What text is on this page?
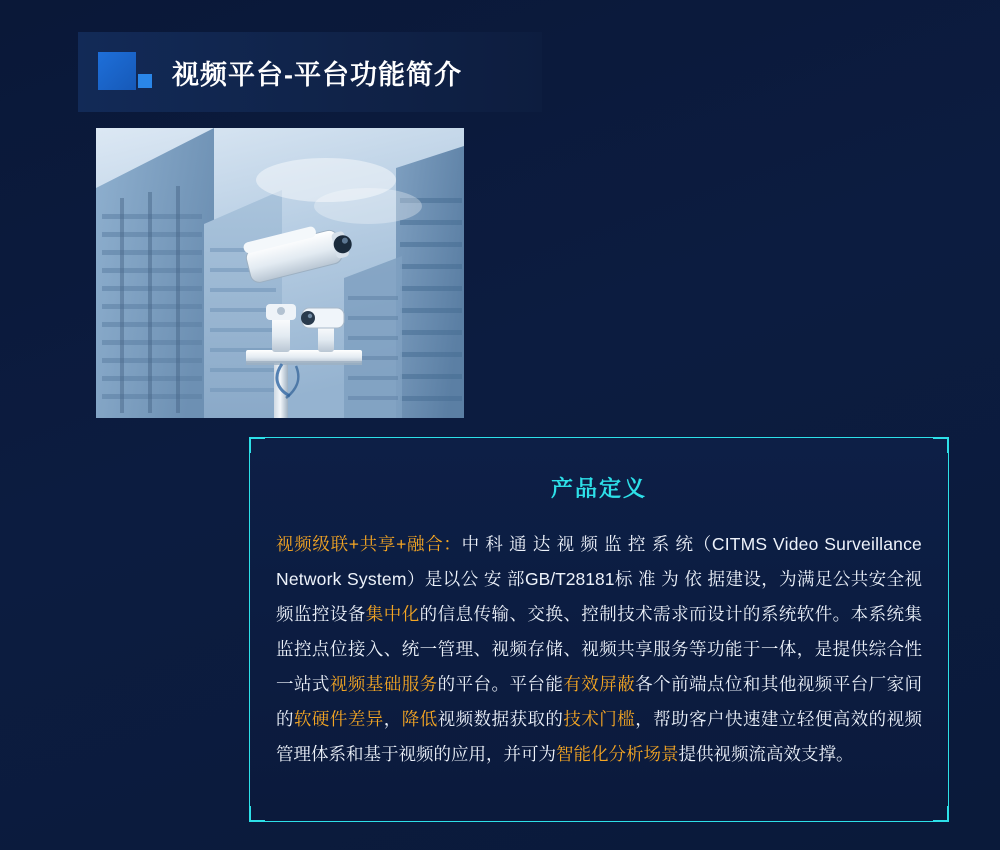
视频平台-平台功能简介
产品定义
视频级联+共享+融合：中 科 通 达 视 频 监 控 系 统（CITMS Video Surveillance Network System）是以公 安 部GB/T28181标 准 为 依 据建设，为满足公共安全视频监控设备集中化的信息传输、交换、控制技术需求而设计的系统软件。本系统集监控点位接入、统一管理、视频存储、视频共享服务等功能于一体，是提供综合性一站式视频基础服务的平台。平台能有效屏蔽各个前端点位和其他视频平台厂家间的软硬件差异，降低视频数据获取的技术门槛，帮助客户快速建立轻便高效的视频管理体系和基于视频的应用，并可为智能化分析场景提供视频流高效支撑。
